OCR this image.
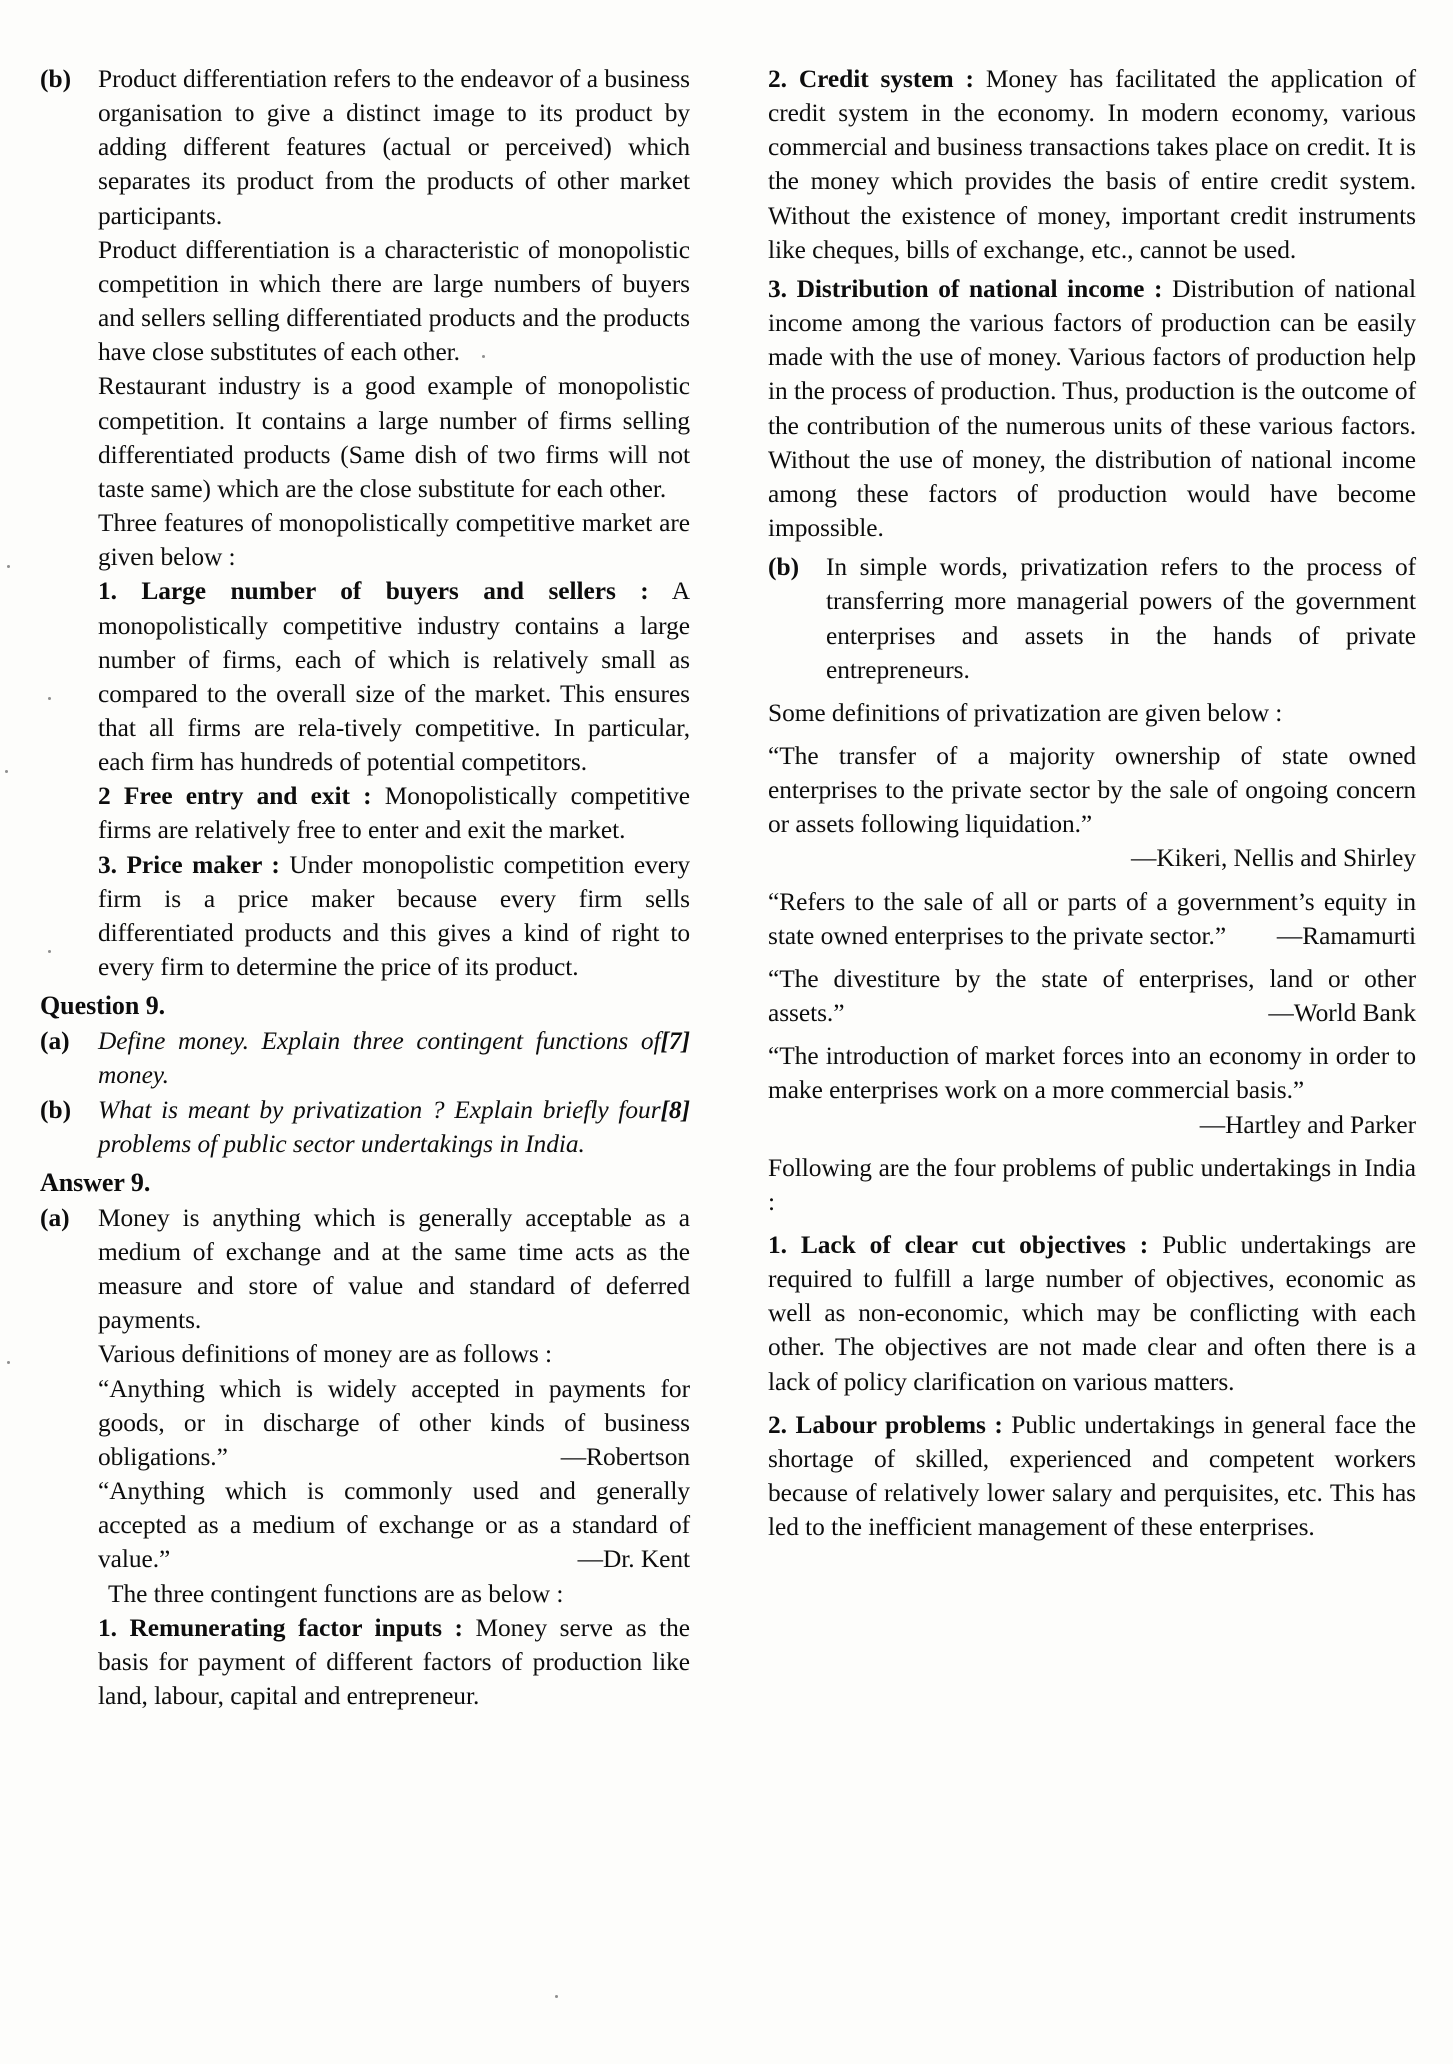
(b) Product differentiation refers to the endeavor of a business organisation to give a distinct image to its product by adding different features (actual or perceived) which separates its product from the products of other market participants.

Product differentiation is a characteristic of monopolistic competition in which there are large numbers of buyers and sellers selling differentiated products and the products have close substitutes of each other.

Restaurant industry is a good example of monopolistic competition. It contains a large number of firms selling differentiated products (Same dish of two firms will not taste same) which are the close substitute for each other.

Three features of monopolistically competitive market are given below :

1. Large number of buyers and sellers : A monopolistically competitive industry contains a large number of firms, each of which is relatively small as compared to the overall size of the market. This ensures that all firms are rela-tively competitive. In particular, each firm has hundreds of potential competitors.

2 Free entry and exit : Monopolistically competitive firms are relatively free to enter and exit the market.

3. Price maker : Under monopolistic competition every firm is a price maker because every firm sells differentiated products and this gives a kind of right to every firm to determine the price of its product.

Question 9.

(a)	[7]
Define money. Explain three contingent functions of money.

(b)	[8]
What is meant by privatization ? Explain briefly four problems of public sector undertakings in India.

Answer 9.

(a) Money is anything which is generally acceptable as a medium of exchange and at the same time acts as the measure and store of value and standard of deferred payments.

Various definitions of money are as follows :

“Anything which is widely accepted in payments for goods, or in discharge of other kinds of business obligations.”	—Robertson

“Anything which is commonly used and generally accepted as a medium of exchange or as a standard of value.”	—Dr. Kent

The three contingent functions are as below :

1. Remunerating factor inputs : Money serve as the basis for payment of different factors of production like land, labour, capital and entrepreneur.

2. Credit system : Money has facilitated the application of credit system in the economy. In modern economy, various commercial and business transactions takes place on credit. It is the money which provides the basis of entire credit system. Without the existence of money, important credit instruments like cheques, bills of exchange, etc., cannot be used.

3. Distribution of national income : Distribution of national income among the various factors of production can be easily made with the use of money. Various factors of production help in the process of production. Thus, production is the outcome of the contribution of the numerous units of these various factors. Without the use of money, the distribution of national income among these factors of production would have become impossible.

(b) In simple words, privatization refers to the process of transferring more managerial powers of the government enterprises and assets in the hands of private entrepreneurs.

Some definitions of privatization are given below :

“The transfer of a majority ownership of state owned enterprises to the private sector by the sale of ongoing concern or assets following liquidation.”

—Kikeri, Nellis and Shirley

“Refers to the sale of all or parts of a government’s equity in state owned enterprises to the private sector.” —Ramamurti

“The divestiture by the state of enterprises, land or other assets.”	—World Bank

“The introduction of market forces into an economy in order to make enterprises work on a more commercial basis.”

—Hartley and Parker

Following are the four problems of public undertakings in India :

1. Lack of clear cut objectives : Public undertakings are required to fulfill a large number of objectives, economic as well as non-economic, which may be conflicting with each other. The objectives are not made clear and often there is a lack of policy clarification on various matters.

2. Labour problems : Public undertakings in general face the shortage of skilled, experienced and competent workers because of relatively lower salary and perquisites, etc. This has led to the inefficient management of these enterprises.
